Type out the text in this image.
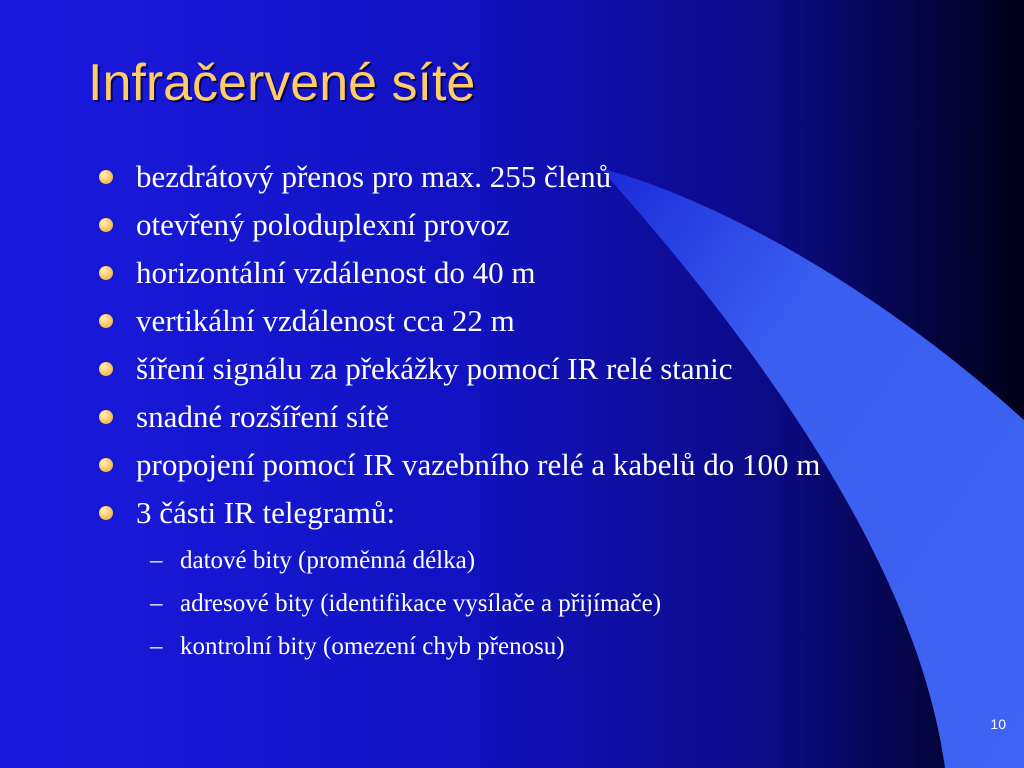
Infračervené sítě
bezdrátový přenos pro max. 255 členů
otevřený poloduplexní provoz
horizontální vzdálenost do 40 m
vertikální vzdálenost cca 22 m
šíření signálu za překážky pomocí IR relé stanic
snadné rozšíření sítě
propojení pomocí IR vazebního relé a kabelů do 100 m
3 části IR telegramů:
– datové bity (proměnná délka)
– adresové bity (identifikace vysílače a přijímače)
– kontrolní bity (omezení chyb přenosu)
10
